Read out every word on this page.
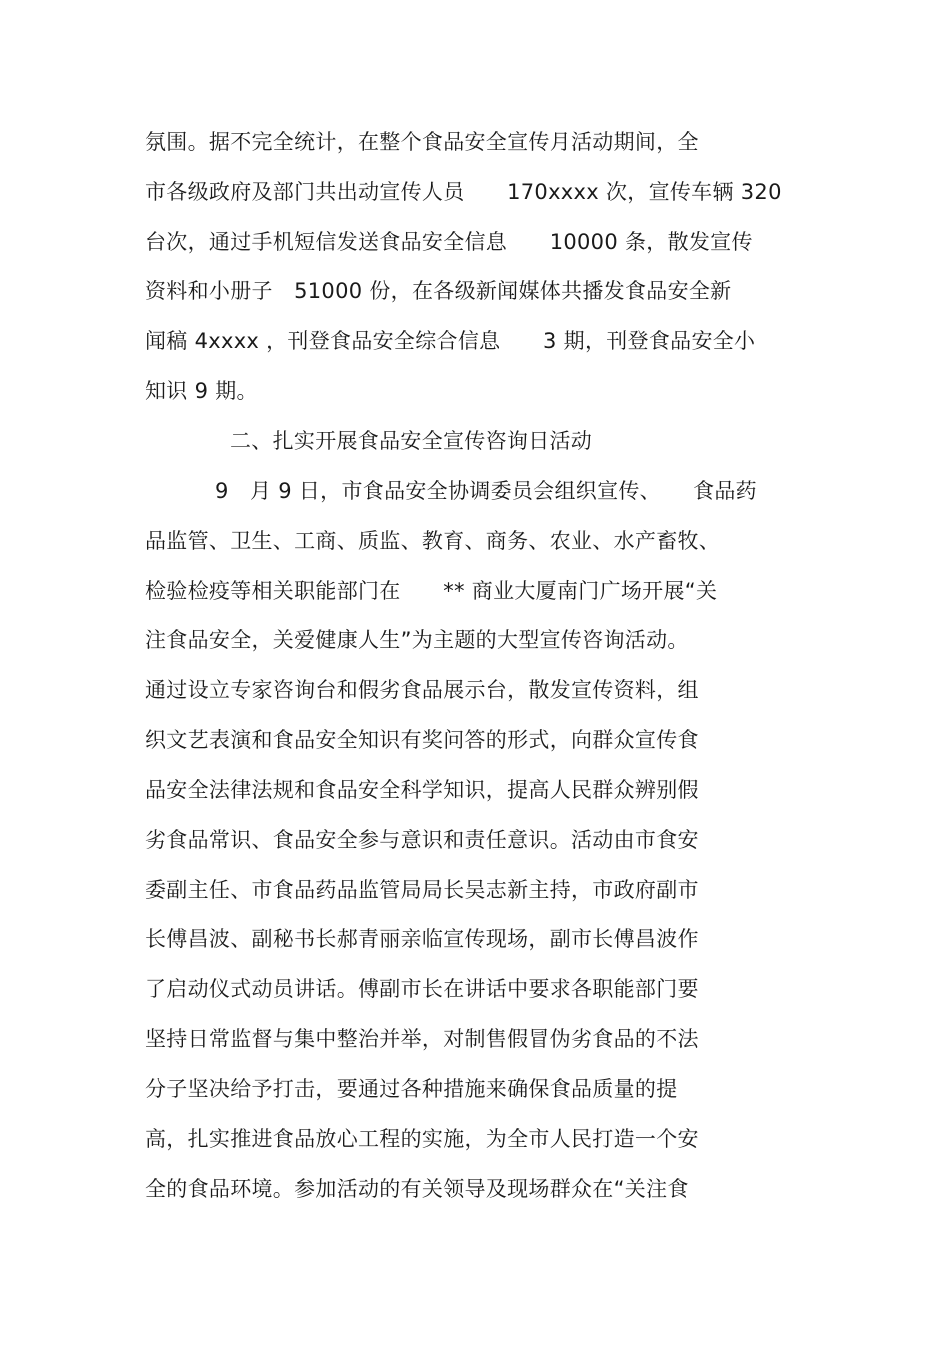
氛围。据不完全统计，在整个食品安全宣传月活动期间，全

市各级政府及部门共出动宣传人员　　170xxxx 次，宣传车辆 320

台次，通过手机短信发送食品安全信息　　10000 条，散发宣传

资料和小册子　51000 份，在各级新闻媒体共播发食品安全新

闻稿 4xxxx ，刊登食品安全综合信息　　3 期，刊登食品安全小

知识 9 期。

二、扎实开展食品安全宣传咨询日活动

9　月 9 日，市食品安全协调委员会组织宣传、　　食品药

品监管、卫生、工商、质监、教育、商务、农业、水产畜牧、

检验检疫等相关职能部门在　　** 商业大厦南门广场开展“关

注食品安全，关爱健康人生”为主题的大型宣传咨询活动。

通过设立专家咨询台和假劣食品展示台，散发宣传资料，组

织文艺表演和食品安全知识有奖问答的形式，向群众宣传食

品安全法律法规和食品安全科学知识，提高人民群众辨别假

劣食品常识、食品安全参与意识和责任意识。活动由市食安

委副主任、市食品药品监管局局长吴志新主持，市政府副市

长傅昌波、副秘书长郝青丽亲临宣传现场，副市长傅昌波作

了启动仪式动员讲话。傅副市长在讲话中要求各职能部门要

坚持日常监督与集中整治并举，对制售假冒伪劣食品的不法

分子坚决给予打击，要通过各种措施来确保食品质量的提

高，扎实推进食品放心工程的实施，为全市人民打造一个安

全的食品环境。参加活动的有关领导及现场群众在“关注食
